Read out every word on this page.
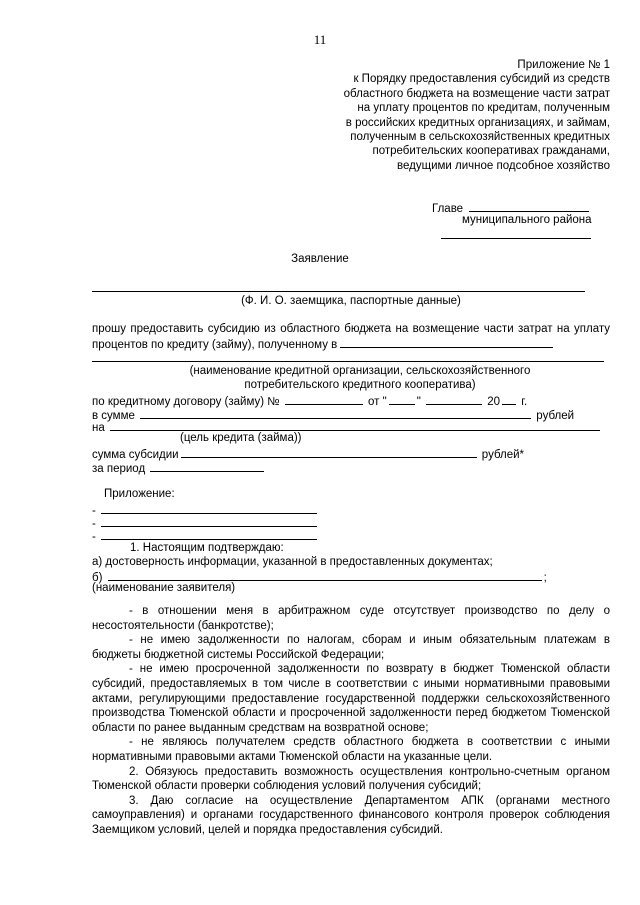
11
Приложение № 1
к Порядку предоставления субсидий из средств
областного бюджета на возмещение части затрат
на уплату процентов по кредитам, полученным
в российских кредитных организациях, и займам,
полученным в сельскохозяйственных кредитных
потребительских кооперативах гражданами,
ведущими личное подсобное хозяйство
Главе
муниципального района
Заявление
(Ф. И. О. заемщика, паспортные данные)
прошу предоставить субсидию из областного бюджета на возмещение части затрат на уплату процентов по кредиту (займу), полученному в
(наименование кредитной организации, сельскохозяйственного потребительского кредитного кооператива)
по кредитному договору (займу) №	от "	"	20 г.
в сумме	рублей
на
(цель кредита (займа))
сумма субсидии	рублей*
за период
Приложение:
-
-
-
1. Настоящим подтверждаю:
а) достоверность информации, указанной в предоставленных документах;
б)	;
(наименование заявителя)

- в отношении меня в арбитражном суде отсутствует производство по делу о несостоятельности (банкротстве);

- не имею задолженности по налогам, сборам и иным обязательным платежам в бюджеты бюджетной системы Российской Федерации;

- не имею просроченной задолженности по возврату в бюджет Тюменской области субсидий, предоставляемых в том числе в соответствии с иными нормативными правовыми актами, регулирующими предоставление государственной поддержки сельскохозяйственного производства Тюменской области и просроченной задолженности перед бюджетом Тюменской области по ранее выданным средствам на возвратной основе;

- не являюсь получателем средств областного бюджета в соответствии с иными нормативными правовыми актами Тюменской области на указанные цели.

2. Обязуюсь предоставить возможность осуществления контрольно-счетным органом Тюменской области проверки соблюдения условий получения субсидий;

3. Даю согласие на осуществление Департаментом АПК (органами местного самоуправления) и органами государственного финансового контроля проверок соблюдения Заемщиком условий, целей и порядка предоставления субсидий.
